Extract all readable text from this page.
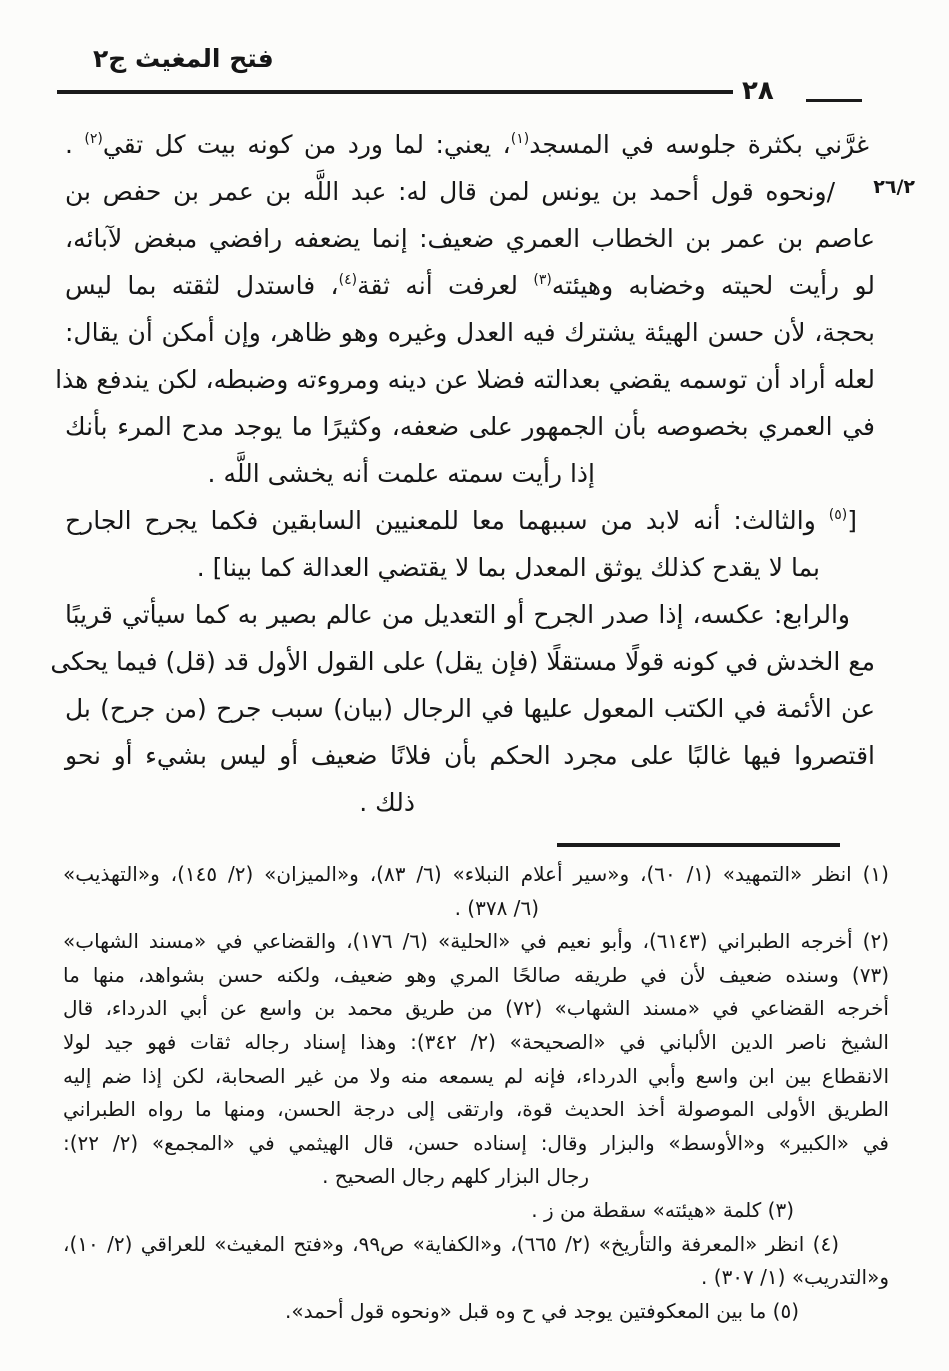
فتح المغيث ج٢
٢٨
٢٦/٢
غرَّني بكثرة جلوسه في المسجد$^{(١)}$، يعني: لما ورد من كونه بيت كل تقي$^{(٢)}$ .
/ونحوه قول أحمد بن يونس لمن قال له: عبد اللَّه بن عمر بن حفص بن
عاصم بن عمر بن الخطاب العمري ضعيف: إنما يضعفه رافضي مبغض لآبائه،
لو رأيت لحيته وخضابه وهيئته$^{(٣)}$ لعرفت أنه ثقة$^{(٤)}$، فاستدل لثقته بما ليس
بحجة، لأن حسن الهيئة يشترك فيه العدل وغيره وهو ظاهر، وإن أمكن أن يقال:
لعله أراد أن توسمه يقضي بعدالته فضلا عن دينه ومروءته وضبطه، لكن يندفع هذا
في العمري بخصوصه بأن الجمهور على ضعفه، وكثيرًا ما يوجد مدح المرء بأنك
إذا رأيت سمته علمت أنه يخشى اللَّه .
[$^{(٥)}$ والثالث: أنه لابد من سببهما معا للمعنيين السابقين فكما يجرح الجارح
بما لا يقدح كذلك يوثق المعدل بما لا يقتضي العدالة كما بينا] .
والرابع: عكسه، إذا صدر الجرح أو التعديل من عالم بصير به كما سيأتي قريبًا
مع الخدش في كونه قولًا مستقلًا (فإن يقل) على القول الأول قد (قل) فيما يحكى
عن الأئمة في الكتب المعول عليها في الرجال (بيان) سبب جرح (من جرح) بل
اقتصروا فيها غالبًا على مجرد الحكم بأن فلانًا ضعيف أو ليس بشيء أو نحو
ذلك .
(١) انظر «التمهيد» (١/ ٦٠)، و«سير أعلام النبلاء» (٦/ ٨٣)، و«الميزان» (٢/ ١٤٥)، و«التهذيب»
(٦/ ٣٧٨) .
(٢) أخرجه الطبراني (٦١٤٣)، وأبو نعيم في «الحلية» (٦/ ١٧٦)، والقضاعي في «مسند الشهاب»
(٧٣) وسنده ضعيف لأن في طريقه صالحًا المري وهو ضعيف، ولكنه حسن بشواهد، منها ما
أخرجه القضاعي في «مسند الشهاب» (٧٢) من طريق محمد بن واسع عن أبي الدرداء، قال
الشيخ ناصر الدين الألباني في «الصحيحة» (٢/ ٣٤٢): وهذا إسناد رجاله ثقات فهو جيد لولا
الانقطاع بين ابن واسع وأبي الدرداء، فإنه لم يسمعه منه ولا من غير الصحابة، لكن إذا ضم إليه
الطريق الأولى الموصولة أخذ الحديث قوة، وارتقى إلى درجة الحسن، ومنها ما رواه الطبراني
في «الكبير» و«الأوسط» والبزار وقال: إسناده حسن، قال الهيثمي في «المجمع» (٢/ ٢٢):
رجال البزار كلهم رجال الصحيح .
(٣) كلمة «هيئته» سقطة من ز .
(٤) انظر «المعرفة والتأريخ» (٢/ ٦٦٥)، و«الكفاية» ص٩٩، و«فتح المغيث» للعراقي (٢/ ١٠)،
و«التدريب» (١/ ٣٠٧) .
(٥) ما بين المعكوفتين يوجد في ح وه قبل «ونحوه قول أحمد».
